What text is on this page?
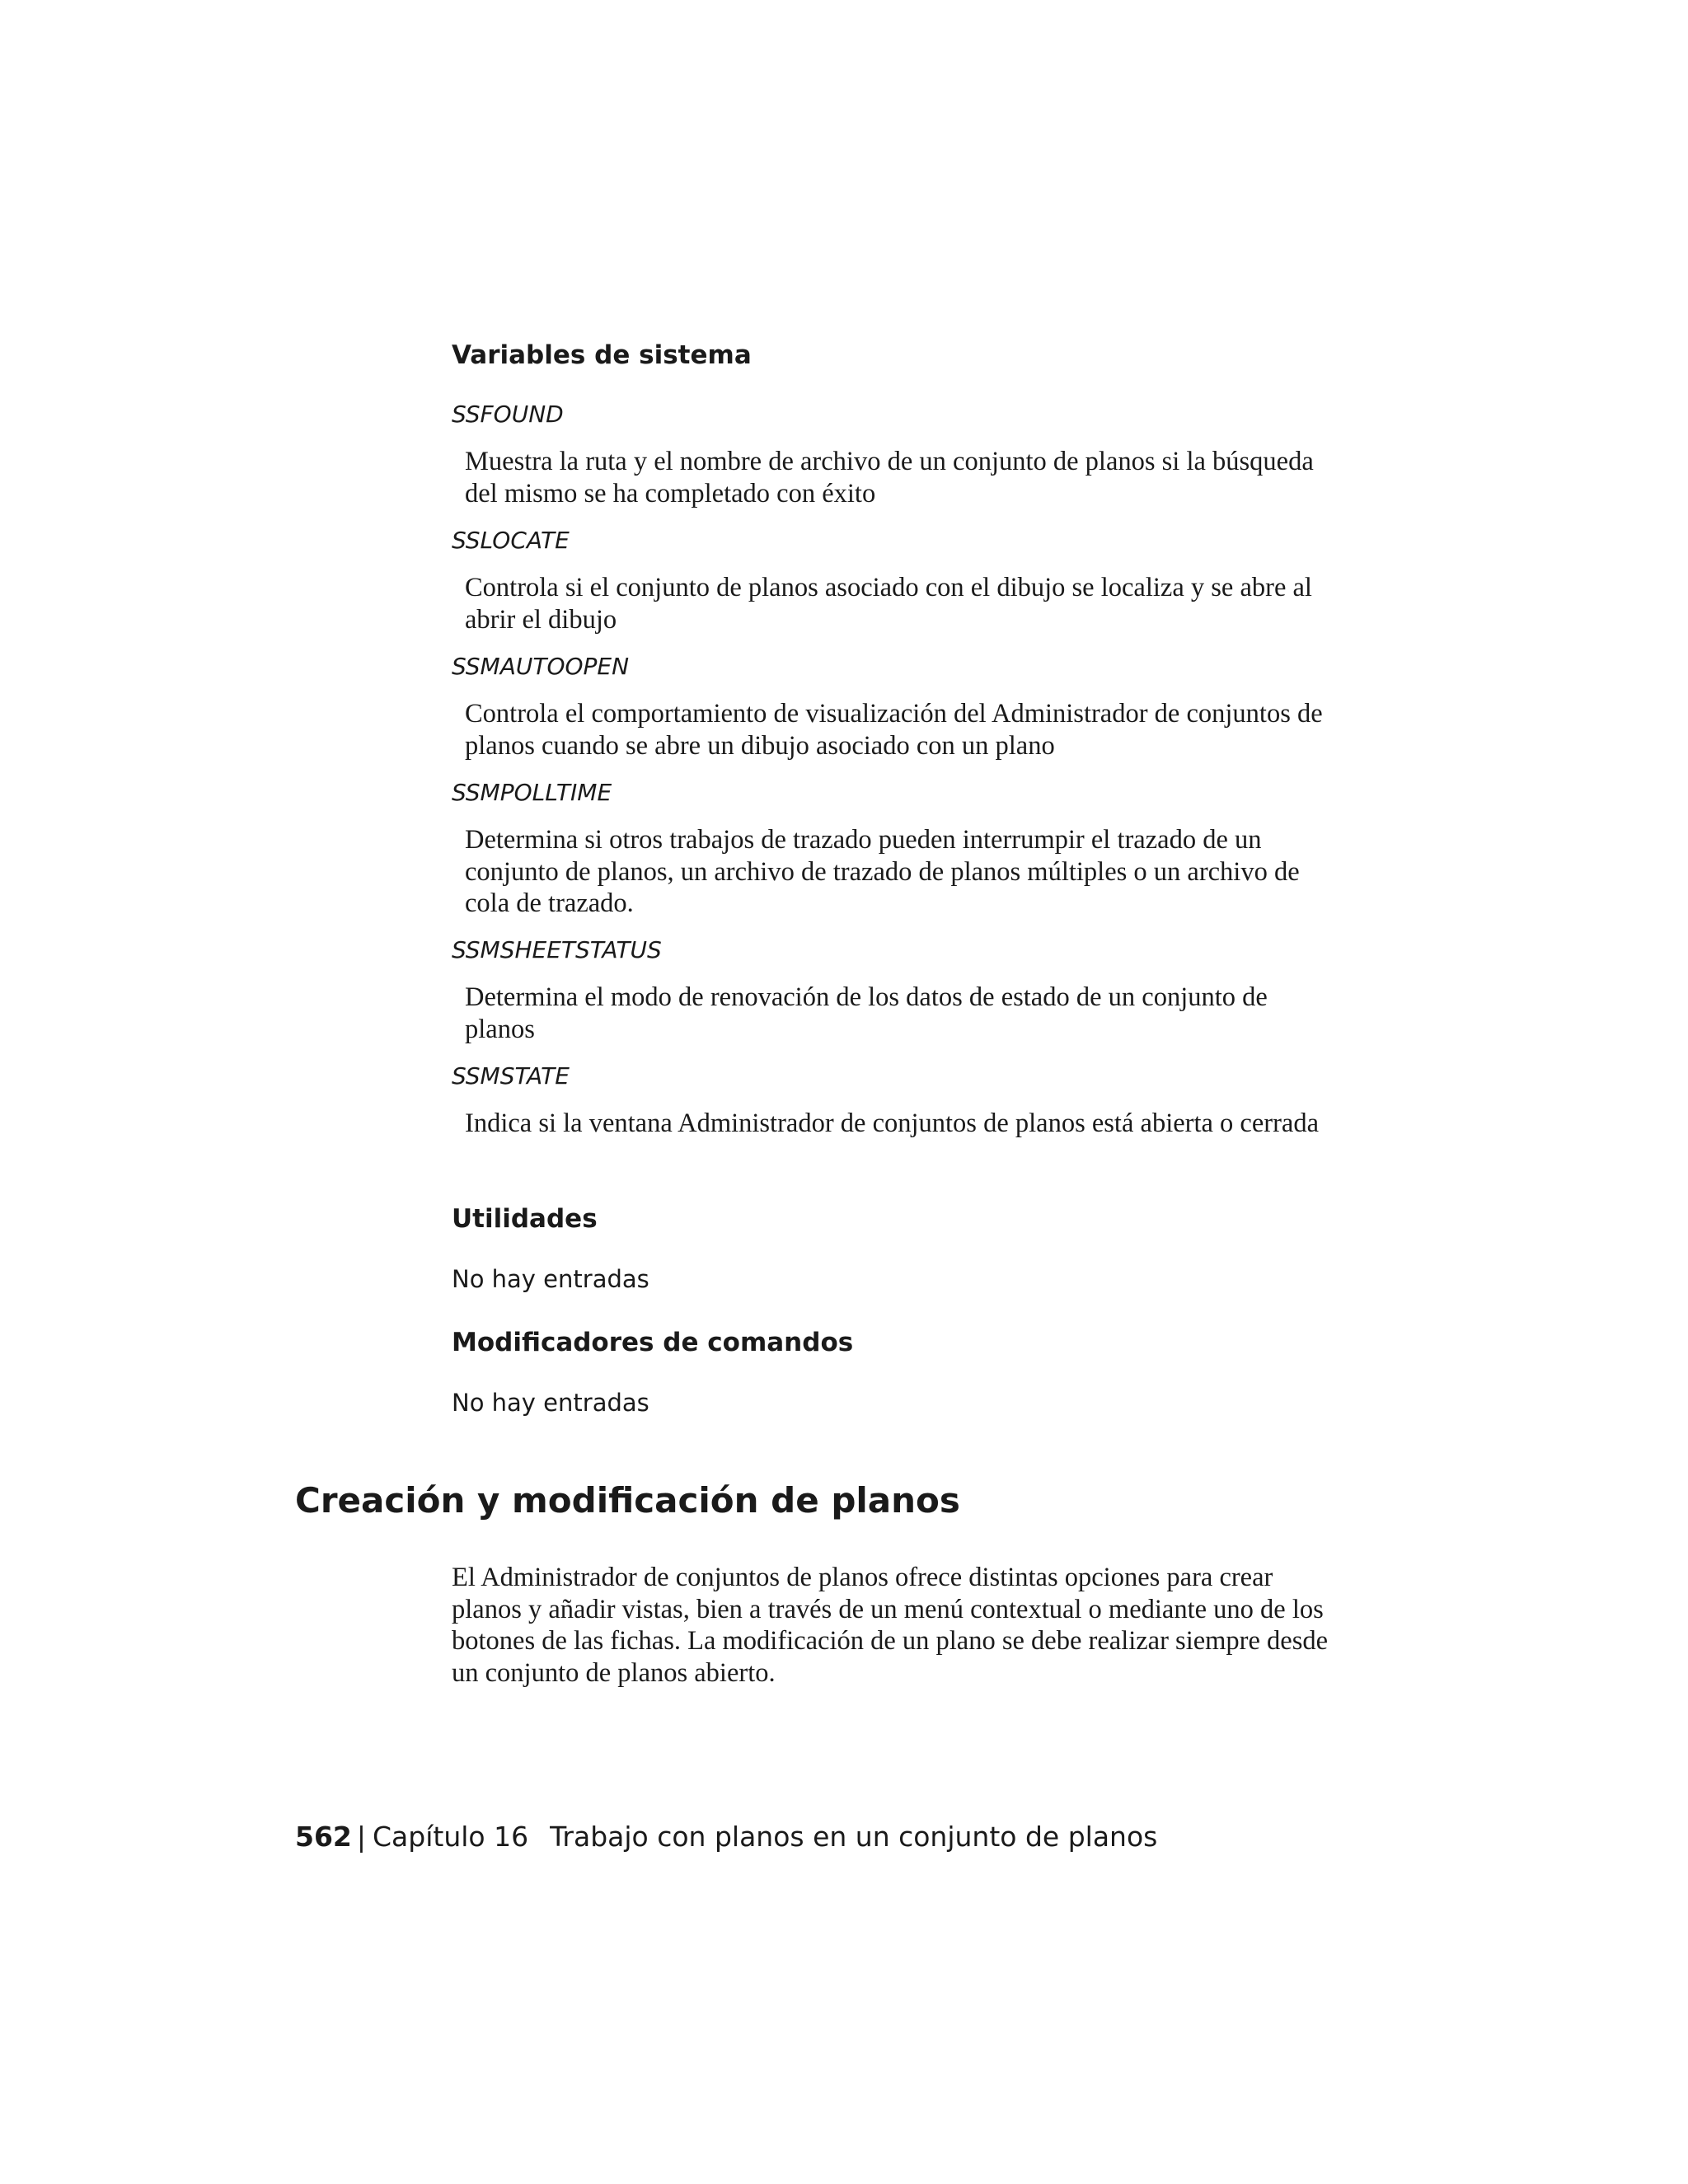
Variables de sistema

SSFOUND

Muestra la ruta y el nombre de archivo de un conjunto de planos si la búsqueda del mismo se ha completado con éxito

SSLOCATE

Controla si el conjunto de planos asociado con el dibujo se localiza y se abre al abrir el dibujo

SSMAUTOOPEN

Controla el comportamiento de visualización del Administrador de conjuntos de planos cuando se abre un dibujo asociado con un plano

SSMPOLLTIME

Determina si otros trabajos de trazado pueden interrumpir el trazado de un conjunto de planos, un archivo de trazado de planos múltiples o un archivo de cola de trazado.

SSMSHEETSTATUS

Determina el modo de renovación de los datos de estado de un conjunto de planos

SSMSTATE

Indica si la ventana Administrador de conjuntos de planos está abierta o cerrada

Utilidades

No hay entradas

Modificadores de comandos

No hay entradas

Creación y modificación de planos

El Administrador de conjuntos de planos ofrece distintas opciones para crear planos y añadir vistas, bien a través de un menú contextual o mediante uno de los botones de las fichas. La modificación de un plano se debe realizar siempre desde un conjunto de planos abierto.

562 | Capítulo 16 Trabajo con planos en un conjunto de planos
